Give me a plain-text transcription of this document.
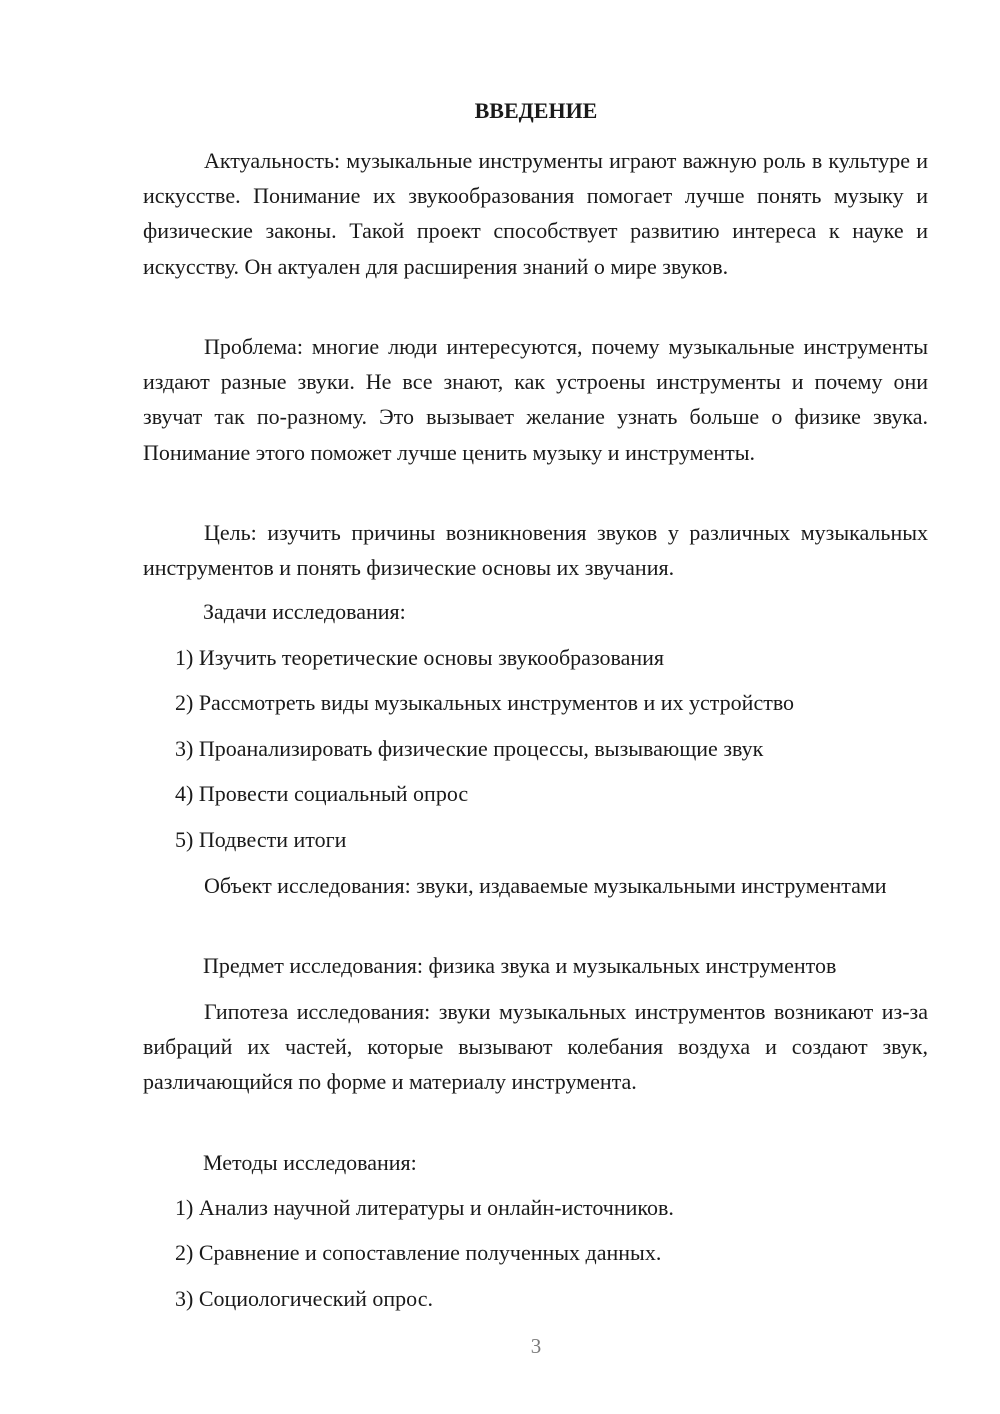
ВВЕДЕНИЕ

Актуальность: музыкальные инструменты играют важную роль в культуре и искусстве. Понимание их звукообразования помогает лучше понять музыку и физические законы. Такой проект способствует развитию интереса к науке и искусству. Он актуален для расширения знаний о мире звуков.

Проблема: многие люди интересуются, почему музыкальные инструменты издают разные звуки. Не все знают, как устроены инструменты и почему они звучат так по-разному. Это вызывает желание узнать больше о физике звука. Понимание этого поможет лучше ценить музыку и инструменты.

Цель: изучить причины возникновения звуков у различных музыкальных инструментов и понять физические основы их звучания.

Задачи исследования:

1) Изучить теоретические основы звукообразования

2) Рассмотреть виды музыкальных инструментов и их устройство

3) Проанализировать физические процессы, вызывающие звук

4) Провести социальный опрос

5) Подвести итоги

Объект исследования: звуки, издаваемые музыкальными инструментами

Предмет исследования: физика звука и музыкальных инструментов

Гипотеза исследования: звуки музыкальных инструментов возникают из-за вибраций их частей, которые вызывают колебания воздуха и создают звук, различающийся по форме и материалу инструмента.

Методы исследования:

1) Анализ научной литературы и онлайн-источников.

2) Сравнение и сопоставление полученных данных.

3) Социологический опрос.

3
